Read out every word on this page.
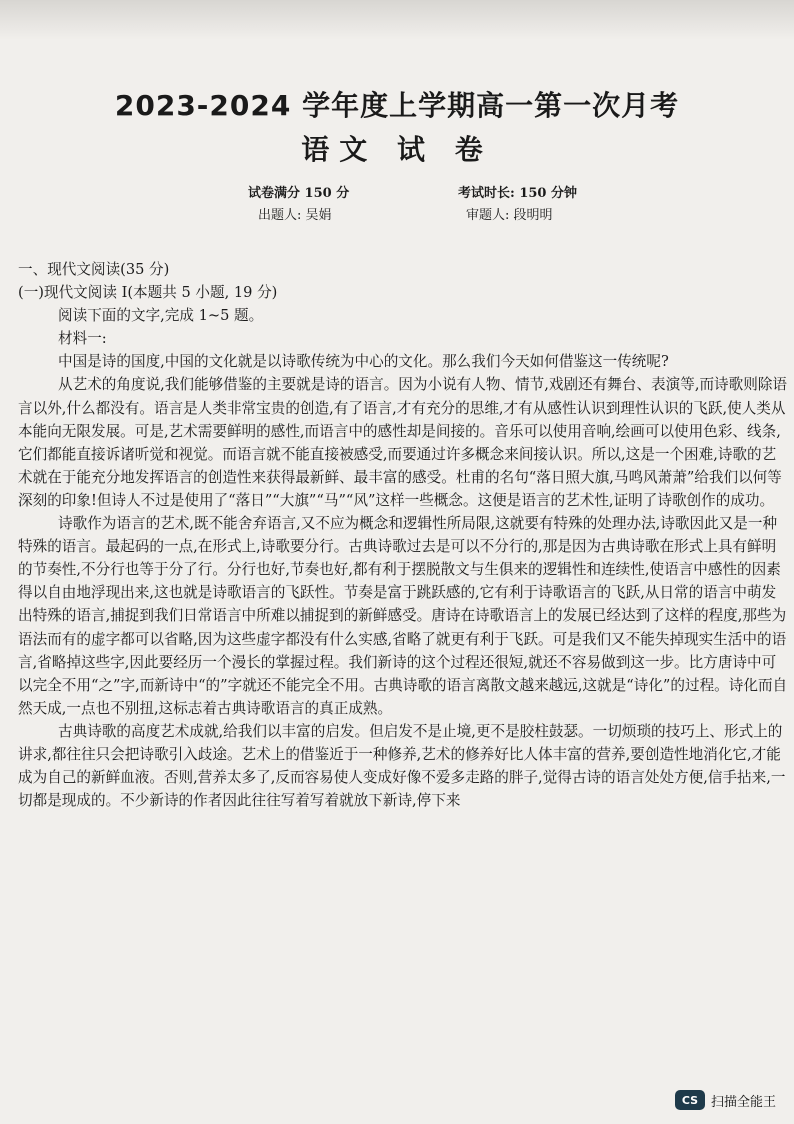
2023-2024 学年度上学期高一第一次月考
语文 试 卷
试卷满分 150 分	考试时长: 150 分钟
出题人: 吴娟	审题人: 段明明

一、现代文阅读(35 分)

(一)现代文阅读 I(本题共 5 小题, 19 分)

阅读下面的文字,完成 1~5 题。

材料一:

中国是诗的国度,中国的文化就是以诗歌传统为中心的文化。那么我们今天如何借鉴这一传统呢?

从艺术的角度说,我们能够借鉴的主要就是诗的语言。因为小说有人物、情节,戏剧还有舞台、表演等,而诗歌则除语言以外,什么都没有。语言是人类非常宝贵的创造,有了语言,才有充分的思维,才有从感性认识到理性认识的飞跃,使人类从本能向无限发展。可是,艺术需要鲜明的感性,而语言中的感性却是间接的。音乐可以使用音响,绘画可以使用色彩、线条,它们都能直接诉诸听觉和视觉。而语言就不能直接被感受,而要通过许多概念来间接认识。所以,这是一个困难,诗歌的艺术就在于能充分地发挥语言的创造性来获得最新鲜、最丰富的感受。杜甫的名句“落日照大旗,马鸣风萧萧”给我们以何等深刻的印象!但诗人不过是使用了“落日”“大旗”“马”“风”这样一些概念。这便是语言的艺术性,证明了诗歌创作的成功。

诗歌作为语言的艺术,既不能舍弃语言,又不应为概念和逻辑性所局限,这就要有特殊的处理办法,诗歌因此又是一种特殊的语言。最起码的一点,在形式上,诗歌要分行。古典诗歌过去是可以不分行的,那是因为古典诗歌在形式上具有鲜明的节奏性,不分行也等于分了行。分行也好,节奏也好,都有利于摆脱散文与生俱来的逻辑性和连续性,使语言中感性的因素得以自由地浮现出来,这也就是诗歌语言的飞跃性。节奏是富于跳跃感的,它有利于诗歌语言的飞跃,从日常的语言中萌发出特殊的语言,捕捉到我们日常语言中所难以捕捉到的新鲜感受。唐诗在诗歌语言上的发展已经达到了这样的程度,那些为语法而有的虚字都可以省略,因为这些虚字都没有什么实感,省略了就更有利于飞跃。可是我们又不能失掉现实生活中的语言,省略掉这些字,因此要经历一个漫长的掌握过程。我们新诗的这个过程还很短,就还不容易做到这一步。比方唐诗中可以完全不用“之”字,而新诗中“的”字就还不能完全不用。古典诗歌的语言离散文越来越远,这就是“诗化”的过程。诗化而自然天成,一点也不别扭,这标志着古典诗歌语言的真正成熟。

古典诗歌的高度艺术成就,给我们以丰富的启发。但启发不是止境,更不是胶柱鼓瑟。一切烦琐的技巧上、形式上的讲求,都往往只会把诗歌引入歧途。艺术上的借鉴近于一种修养,艺术的修养好比人体丰富的营养,要创造性地消化它,才能成为自己的新鲜血液。否则,营养太多了,反而容易使人变成好像不爱多走路的胖子,觉得古诗的语言处处方便,信手拈来,一切都是现成的。不少新诗的作者因此往往写着写着就放下新诗,停下来

CS 扫描全能王
